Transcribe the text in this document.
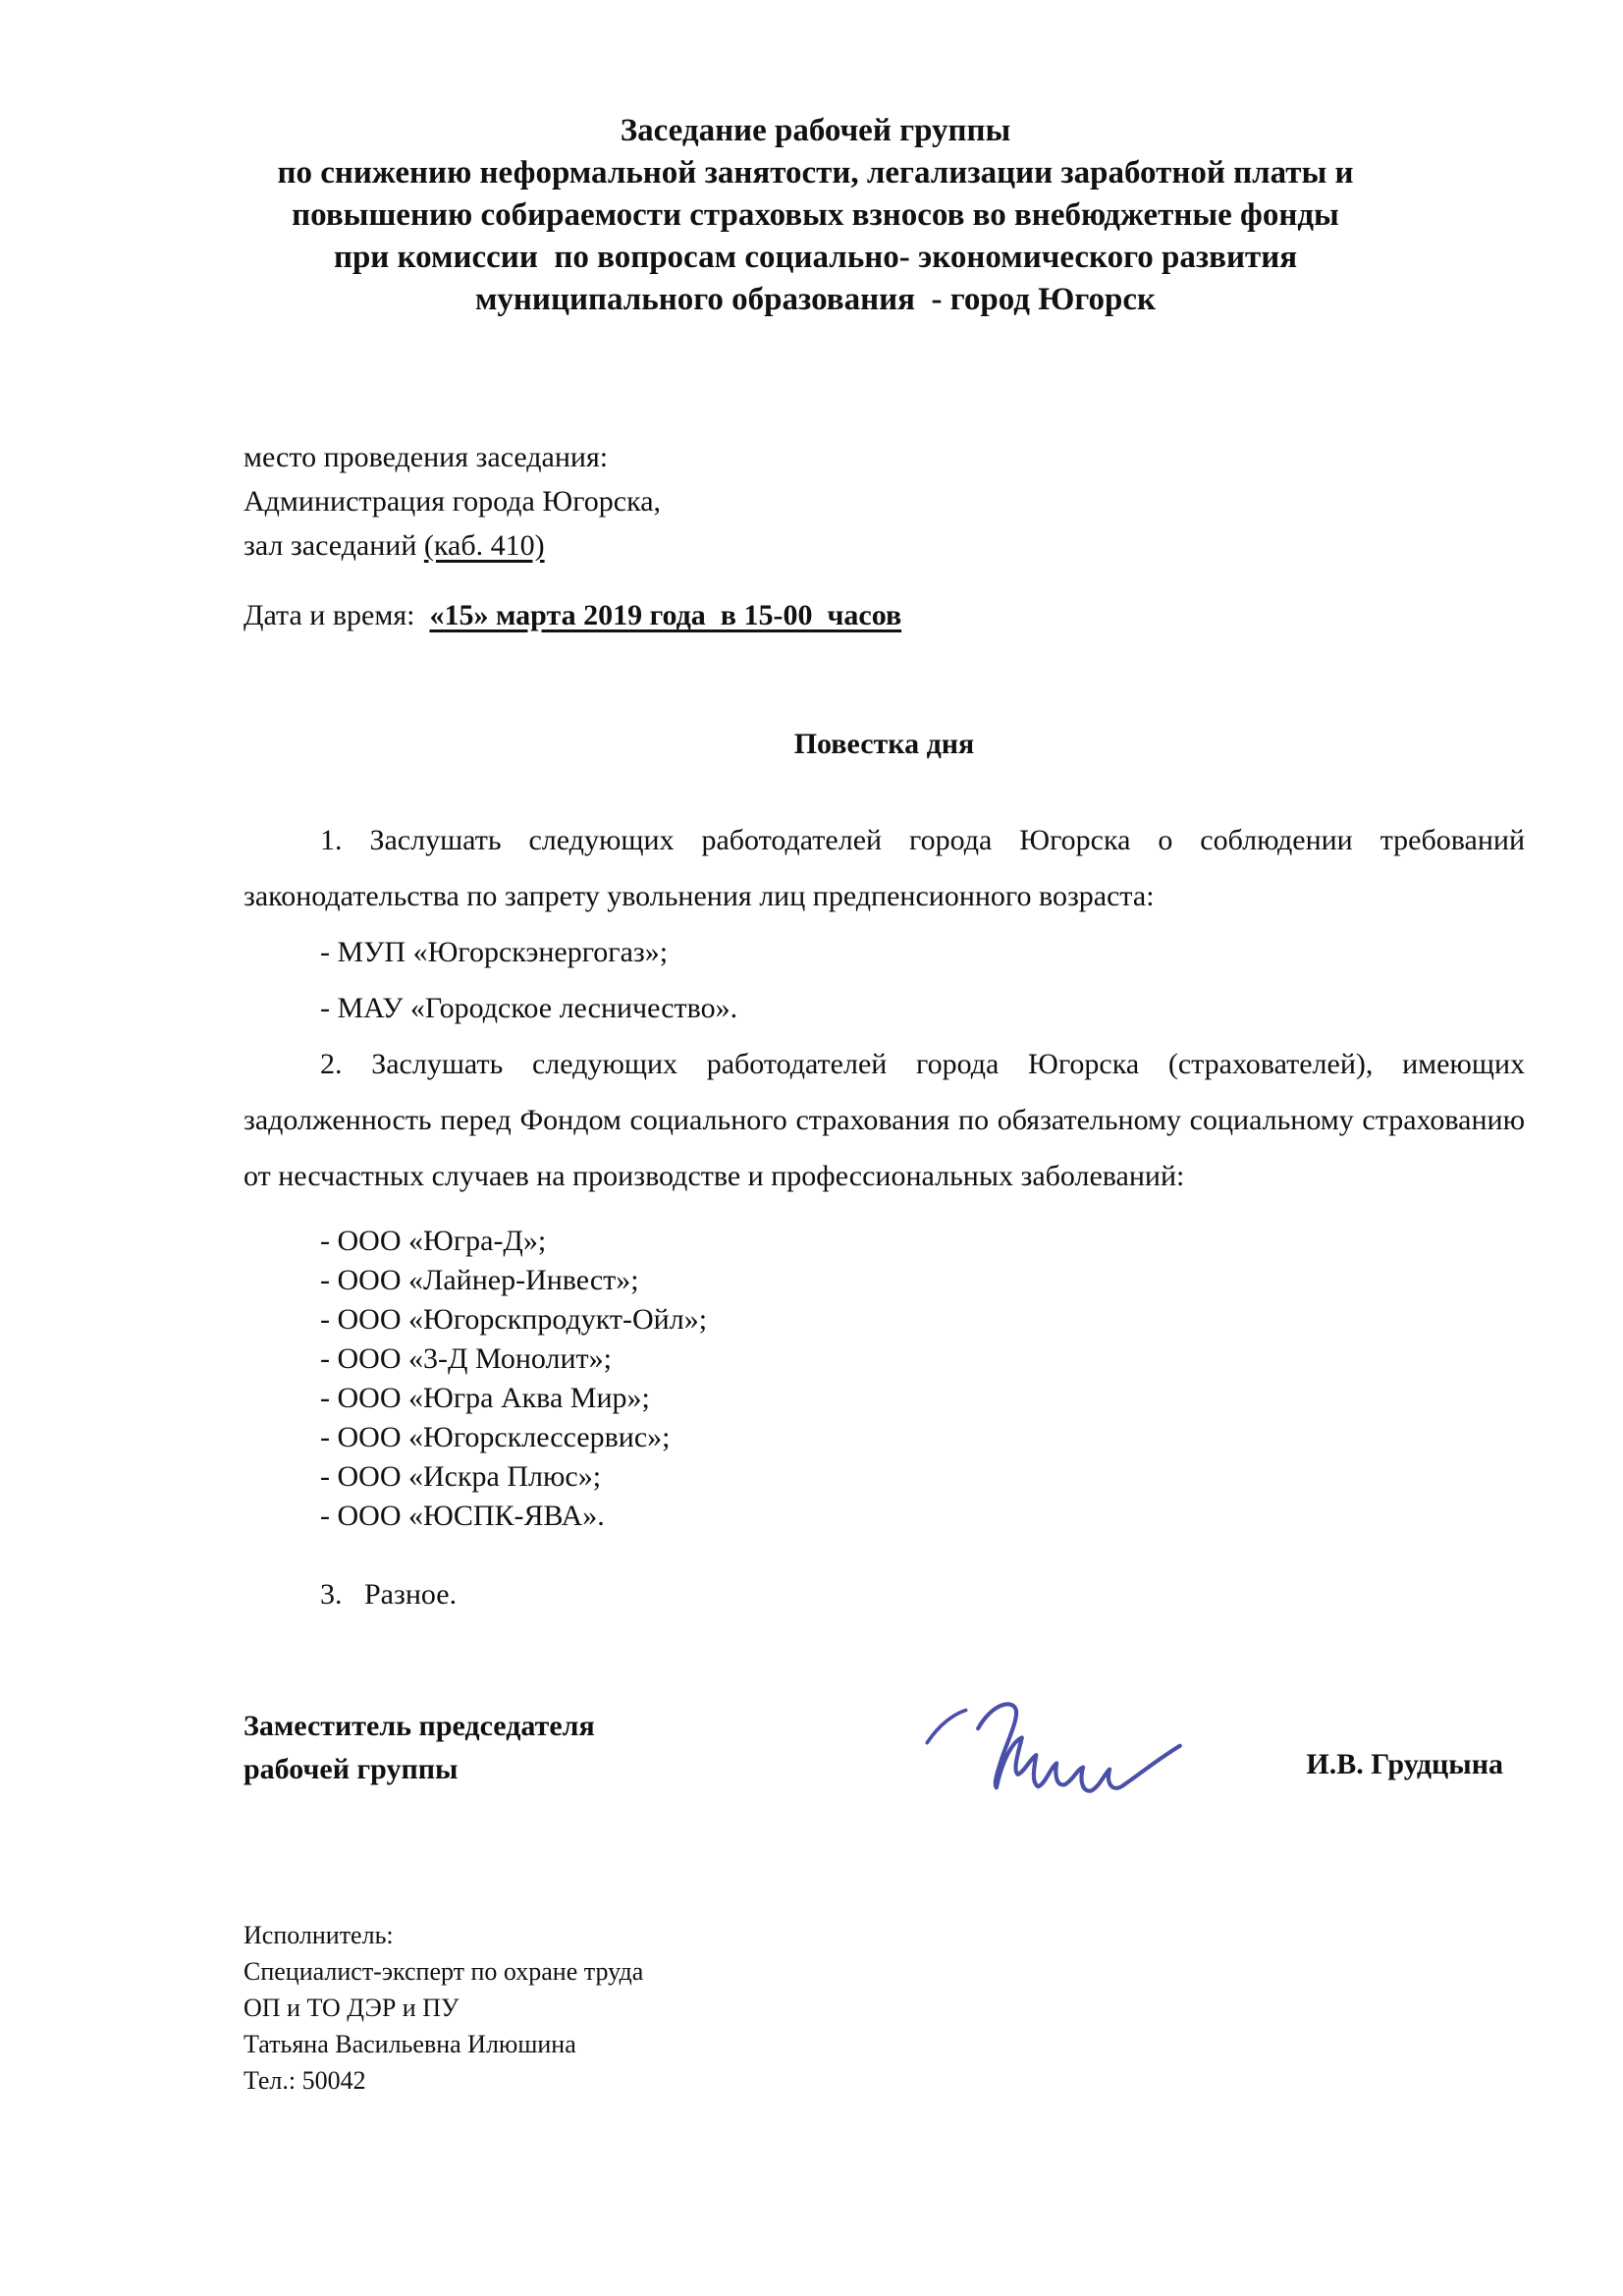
Заседание рабочей группы
по снижению неформальной занятости, легализации заработной платы и
повышению собираемости страховых взносов во внебюджетные фонды
при комиссии  по вопросам социально- экономического развития
муниципального образования  - город Югорск
место проведения заседания:
Администрация города Югорска,
зал заседаний (каб. 410)
Дата и время:  «15» марта 2019 года  в 15-00  часов
Повестка дня

1. Заслушать следующих работодателей города Югорска о соблюдении требований законодательства по запрету увольнения лиц предпенсионного возраста:

- МУП «Югорскэнергогаз»;
- МАУ «Городское лесничество».

2. Заслушать следующих работодателей города Югорска (страхователей), имеющих задолженность перед Фондом социального страхования по обязательному социальному страхованию от несчастных случаев на производстве и профессиональных заболеваний:

- ООО «Югра-Д»;
- ООО «Лайнер-Инвест»;
- ООО «Югорскпродукт-Ойл»;
- ООО «3-Д Монолит»;
- ООО «Югра Аква Мир»;
- ООО «Югорсклессервис»;
- ООО «Искра Плюс»;
- ООО «ЮСПК-ЯВА».

3.   Разное.

Заместитель председателя
рабочей группы	И.В. Грудцына
Исполнитель:
Специалист-эксперт по охране труда
ОП и ТО ДЭР и ПУ
Татьяна Васильевна Илюшина
Тел.: 50042
